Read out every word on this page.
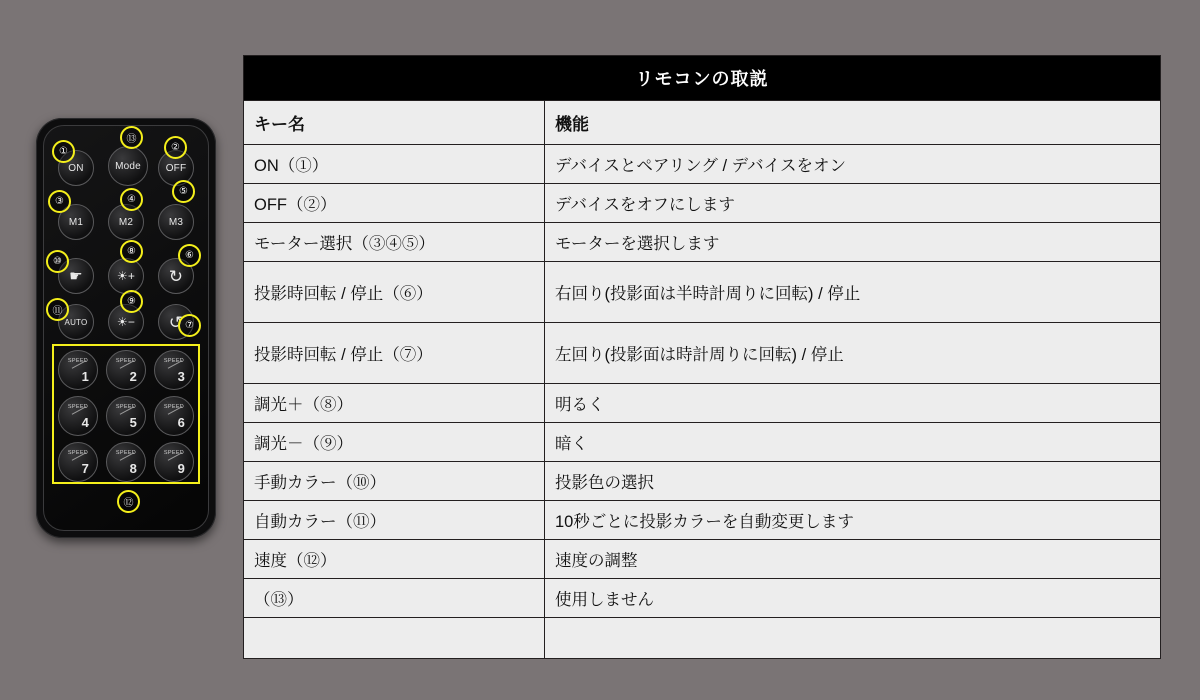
ON	Mode OFF
M1	M2	M3
☛	☀+ ↻
AUTO ☀− ↺
SPEED
1
SPEED
2
SPEED
3
SPEED
4
SPEED
5
SPEED
6
SPEED
7
SPEED
8
SPEED
9
①
⑬
②
③	④
⑤
⑩
⑧	⑥
⑪
⑨
⑦
⑫
リモコンの取説	
キー名	機能
ON（①）	デバイスとペアリング / デバイスをオン
OFF（②）	デバイスをオフにします
モーター選択（③④⑤）	モーターを選択します
投影時回転 / 停止（⑥）	右回り(投影面は半時計周りに回転) / 停止
投影時回転 / 停止（⑦）	左回り(投影面は時計周りに回転) / 停止
調光＋（⑧）	明るく
調光－（⑨）	暗く
手動カラー（⑩）	投影色の選択
自動カラー（⑪）	10秒ごとに投影カラーを自動変更します
速度（⑫）	速度の調整
（⑬）	使用しません
